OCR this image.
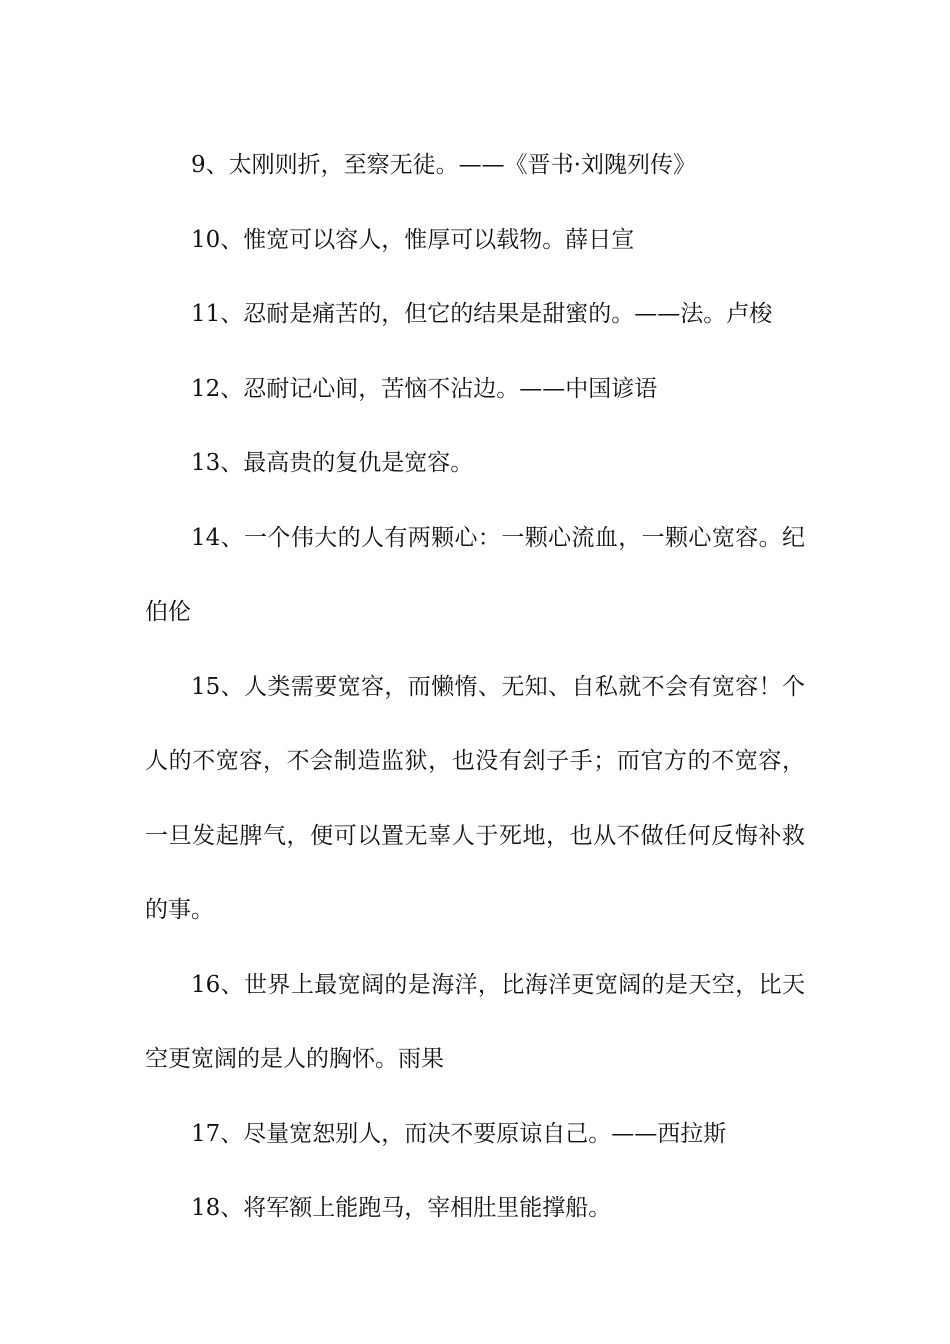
9、太刚则折，至察无徒。——《晋书·刘隗列传》

10、惟宽可以容人，惟厚可以载物。薛日宣

11、忍耐是痛苦的，但它的结果是甜蜜的。——法。卢梭

12、忍耐记心间，苦恼不沾边。——中国谚语

13、最高贵的复仇是宽容。

14、一个伟大的人有两颗心：一颗心流血，一颗心宽容。纪伯伦

15、人类需要宽容，而懒惰、无知、自私就不会有宽容！个人的不宽容，不会制造监狱，也没有刽子手；而官方的不宽容，一旦发起脾气，便可以置无辜人于死地，也从不做任何反悔补救的事。

16、世界上最宽阔的是海洋，比海洋更宽阔的是天空，比天空更宽阔的是人的胸怀。雨果

17、尽量宽恕别人，而决不要原谅自己。——西拉斯

18、将军额上能跑马，宰相肚里能撑船。
